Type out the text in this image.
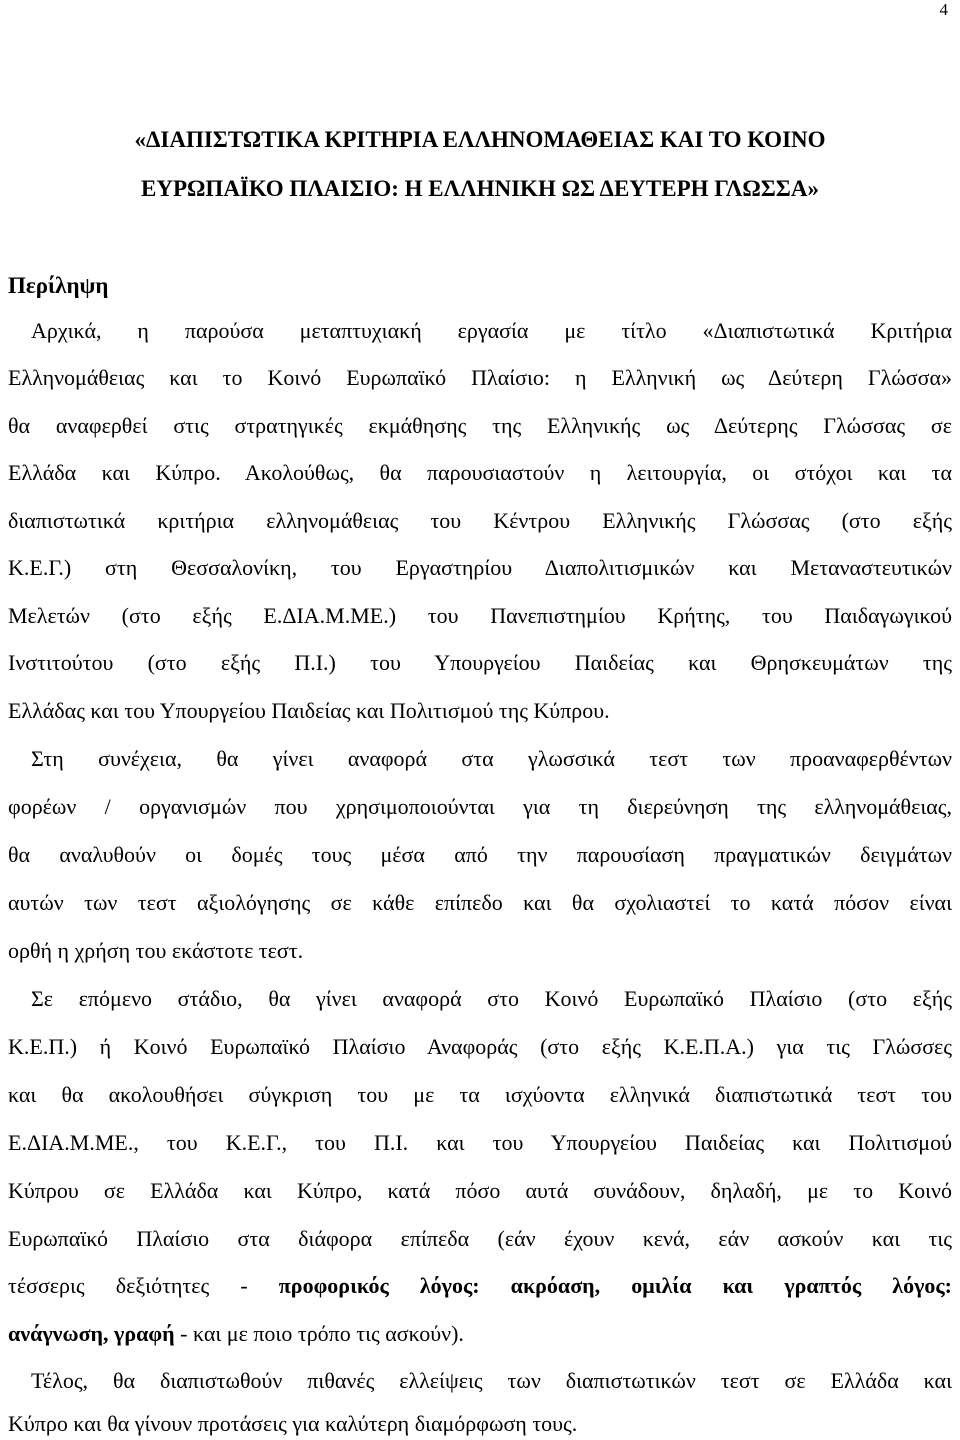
4
«ΔΙΑΠΙΣΤΩΤΙΚΑ ΚΡΙΤΗΡΙΑ ΕΛΛΗΝΟΜΑΘΕΙΑΣ ΚΑΙ ΤΟ ΚΟΙΝΟ
ΕΥΡΩΠΑΪΚΟ ΠΛΑΙΣΙΟ: Η ΕΛΛΗΝΙΚΗ ΩΣ ΔΕΥΤΕΡΗ ΓΛΩΣΣΑ»
Περίληψη
Αρχικά, η παρούσα μεταπτυχιακή εργασία με τίτλο «Διαπιστωτικά Κριτήρια
Ελληνομάθειας και το Κοινό Ευρωπαϊκό Πλαίσιο: η Ελληνική ως Δεύτερη Γλώσσα»
θα αναφερθεί στις στρατηγικές εκμάθησης της Ελληνικής ως Δεύτερης Γλώσσας σε
Ελλάδα και Κύπρο. Ακολούθως, θα παρουσιαστούν η λειτουργία, οι στόχοι και τα
διαπιστωτικά κριτήρια ελληνομάθειας του Κέντρου Ελληνικής Γλώσσας (στο εξής
Κ.Ε.Γ.) στη Θεσσαλονίκη, του Εργαστηρίου Διαπολιτισμικών και Μεταναστευτικών
Μελετών (στο εξής Ε.ΔΙΑ.Μ.ΜΕ.) του Πανεπιστημίου Κρήτης, του Παιδαγωγικού
Ινστιτούτου (στο εξής Π.Ι.) του Υπουργείου Παιδείας και Θρησκευμάτων της
Ελλάδας και του Υπουργείου Παιδείας και Πολιτισμού της Κύπρου.
Στη συνέχεια, θα γίνει αναφορά στα γλωσσικά τεστ των προαναφερθέντων
φορέων / οργανισμών που χρησιμοποιούνται για τη διερεύνηση της ελληνομάθειας,
θα αναλυθούν οι δομές τους μέσα από την παρουσίαση πραγματικών δειγμάτων
αυτών των τεστ αξιολόγησης σε κάθε επίπεδο και θα σχολιαστεί το κατά πόσον είναι
ορθή η χρήση του εκάστοτε τεστ.
Σε επόμενο στάδιο, θα γίνει αναφορά στο Κοινό Ευρωπαϊκό Πλαίσιο (στο εξής
Κ.Ε.Π.) ή Κοινό Ευρωπαϊκό Πλαίσιο Αναφοράς (στο εξής Κ.Ε.Π.Α.) για τις Γλώσσες
και θα ακολουθήσει σύγκριση του με τα ισχύοντα ελληνικά διαπιστωτικά τεστ του
Ε.ΔΙΑ.Μ.ΜΕ., του Κ.Ε.Γ., του Π.Ι. και του Υπουργείου Παιδείας και Πολιτισμού
Κύπρου σε Ελλάδα και Κύπρο, κατά πόσο αυτά συνάδουν, δηλαδή, με το Κοινό
Ευρωπαϊκό Πλαίσιο στα διάφορα επίπεδα (εάν έχουν κενά, εάν ασκούν και τις
τέσσερις δεξιότητες - προφορικός λόγος: ακρόαση, ομιλία και γραπτός λόγος:
ανάγνωση, γραφή - και με ποιο τρόπο τις ασκούν).
Τέλος, θα διαπιστωθούν πιθανές ελλείψεις των διαπιστωτικών τεστ σε Ελλάδα και
Κύπρο και θα γίνουν προτάσεις για καλύτερη διαμόρφωση τους.
